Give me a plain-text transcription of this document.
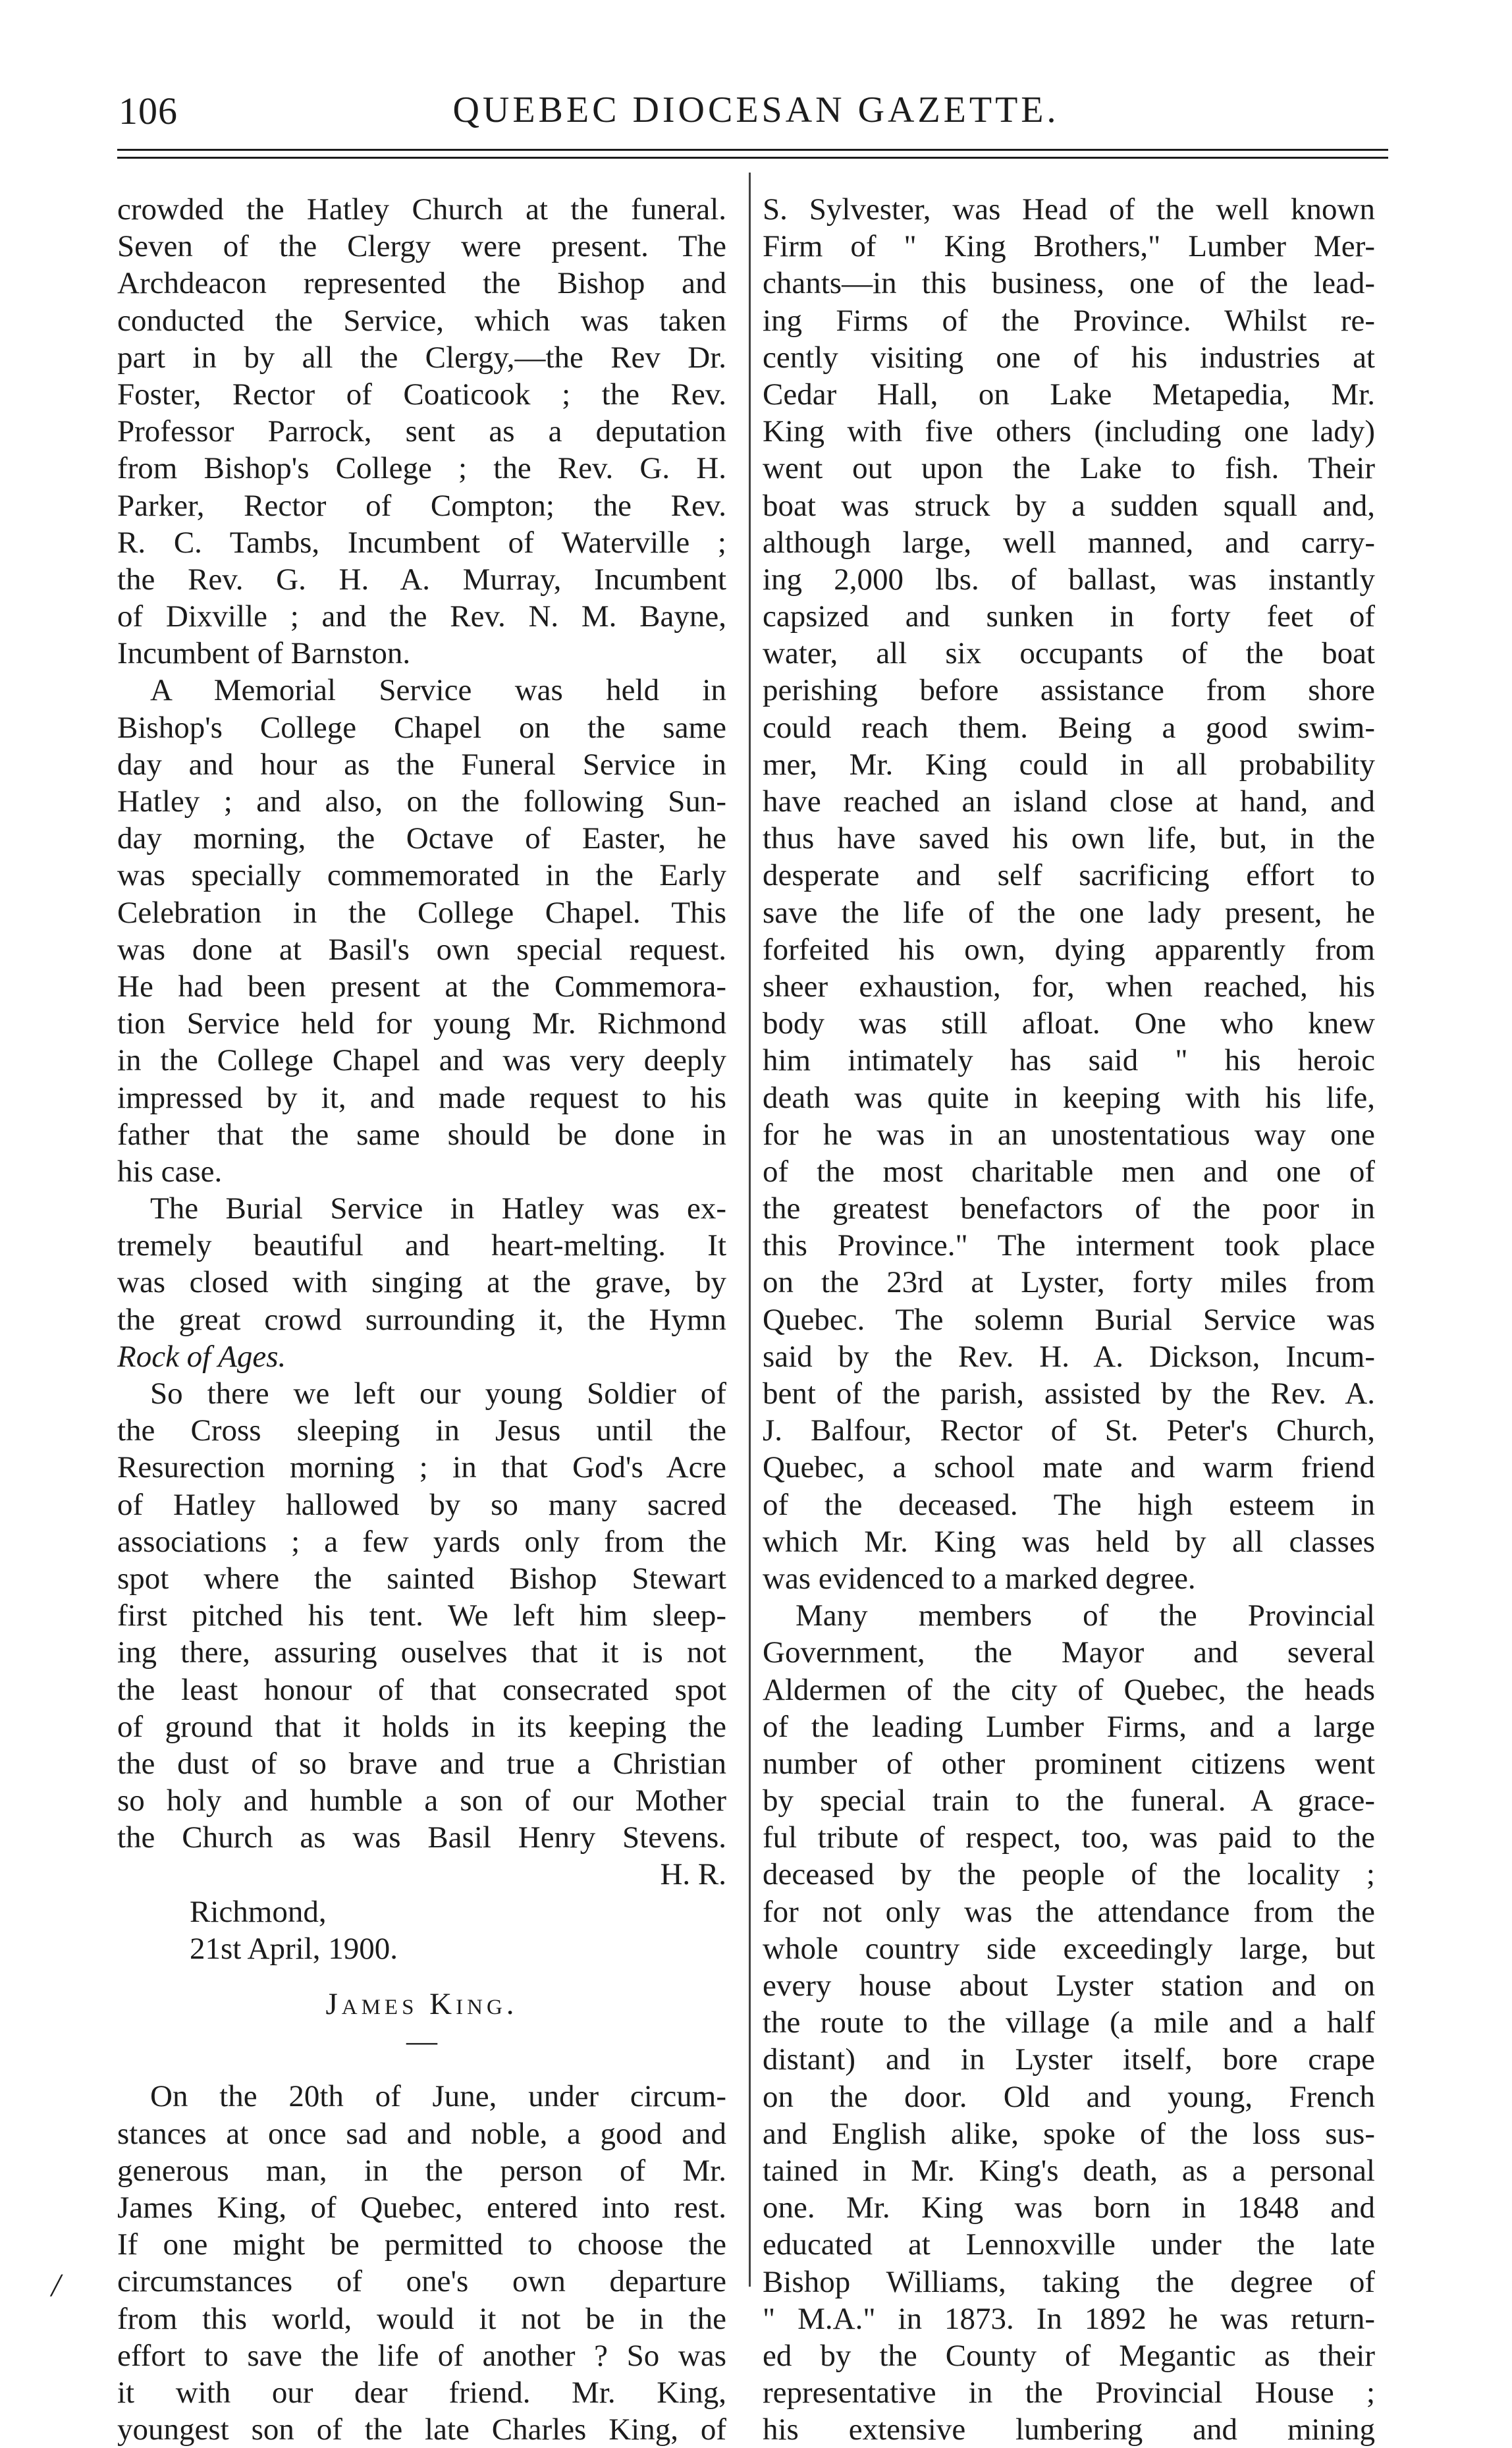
106	QUEBEC DIOCESAN GAZETTE.
crowded the Hatley Church at the funeral.
Seven of the Clergy were present. The
Archdeacon represented the Bishop and
conducted the Service, which was taken
part in by all the Clergy,—the Rev Dr.
Foster, Rector of Coaticook ; the Rev.
Professor Parrock, sent as a deputation
from Bishop's College ; the Rev. G. H.
Parker, Rector of Compton; the Rev.
R. C. Tambs, Incumbent of Waterville ;
the Rev. G. H. A. Murray, Incumbent
of Dixville ; and the Rev. N. M. Bayne,
Incumbent of Barnston.
A Memorial Service was held in
Bishop's College Chapel on the same
day and hour as the Funeral Service in
Hatley ; and also, on the following Sun-
day morning, the Octave of Easter, he
was specially commemorated in the Early
Celebration in the College Chapel. This
was done at Basil's own special request.
He had been present at the Commemora-
tion Service held for young Mr. Richmond
in the College Chapel and was very deeply
impressed by it, and made request to his
father that the same should be done in
his case.
The Burial Service in Hatley was ex-
tremely beautiful and heart-melting. It
was closed with singing at the grave, by
the great crowd surrounding it, the Hymn
Rock of Ages.
So there we left our young Soldier of
the Cross sleeping in Jesus until the
Resurection morning ; in that God's Acre
of Hatley hallowed by so many sacred
associations ; a few yards only from the
spot where the sainted Bishop Stewart
first pitched his tent. We left him sleep-
ing there, assuring ouselves that it is not
the least honour of that consecrated spot
of ground that it holds in its keeping the
the dust of so brave and true a Christian
so holy and humble a son of our Mother
the Church as was Basil Henry Stevens.
H. R.
Richmond,
21st April, 1900.
James King.
—
On the 20th of June, under circum-
stances at once sad and noble, a good and
generous man, in the person of Mr.
James King, of Quebec, entered into rest.
If one might be permitted to choose the
circumstances of one's own departure
from this world, would it not be in the
effort to save the life of another ? So was
it with our dear friend. Mr. King,
youngest son of the late Charles King, of
S. Sylvester, was Head of the well known
Firm of " King Brothers," Lumber Mer-
chants—in this business, one of the lead-
ing Firms of the Province. Whilst re-
cently visiting one of his industries at
Cedar Hall, on Lake Metapedia, Mr.
King with five others (including one lady)
went out upon the Lake to fish. Their
boat was struck by a sudden squall and,
although large, well manned, and carry-
ing 2,000 lbs. of ballast, was instantly
capsized and sunken in forty feet of
water, all six occupants of the boat
perishing before assistance from shore
could reach them. Being a good swim-
mer, Mr. King could in all probability
have reached an island close at hand, and
thus have saved his own life, but, in the
desperate and self sacrificing effort to
save the life of the one lady present, he
forfeited his own, dying apparently from
sheer exhaustion, for, when reached, his
body was still afloat. One who knew
him intimately has said " his heroic
death was quite in keeping with his life,
for he was in an unostentatious way one
of the most charitable men and one of
the greatest benefactors of the poor in
this Province." The interment took place
on the 23rd at Lyster, forty miles from
Quebec. The solemn Burial Service was
said by the Rev. H. A. Dickson, Incum-
bent of the parish, assisted by the Rev. A.
J. Balfour, Rector of St. Peter's Church,
Quebec, a school mate and warm friend
of the deceased. The high esteem in
which Mr. King was held by all classes
was evidenced to a marked degree.
Many members of the Provincial
Government, the Mayor and several
Aldermen of the city of Quebec, the heads
of the leading Lumber Firms, and a large
number of other prominent citizens went
by special train to the funeral. A grace-
ful tribute of respect, too, was paid to the
deceased by the people of the locality ;
for not only was the attendance from the
whole country side exceedingly large, but
every house about Lyster station and on
the route to the village (a mile and a half
distant) and in Lyster itself, bore crape
on the door. Old and young, French
and English alike, spoke of the loss sus-
tained in Mr. King's death, as a personal
one. Mr. King was born in 1848 and
educated at Lennoxville under the late
Bishop Williams, taking the degree of
" M.A." in 1873. In 1892 he was return-
ed by the County of Megantic as their
representative in the Provincial House ;
his extensive lumbering and mining
/
